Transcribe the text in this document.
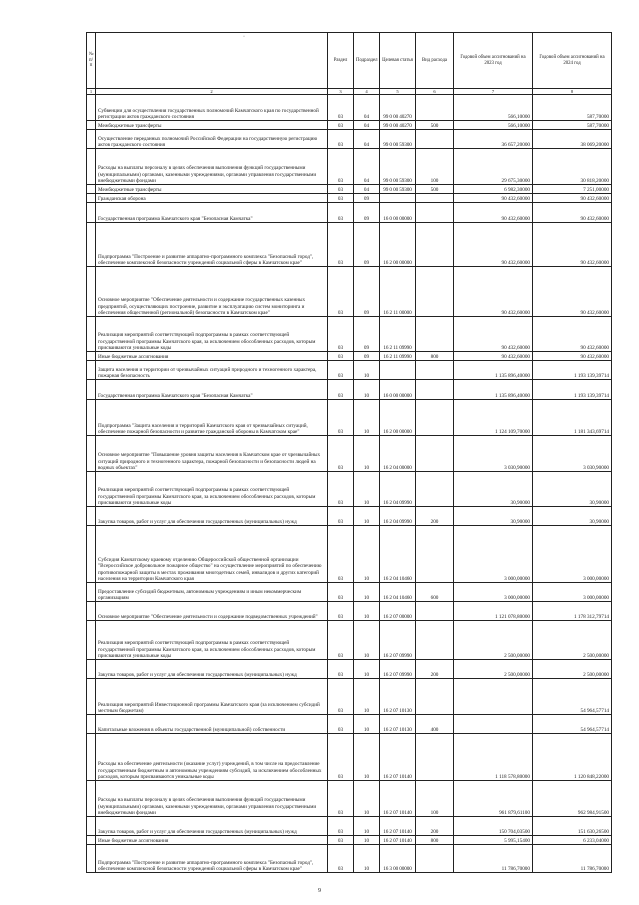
·
№ п/п		Раздел	Подраздел	Целевая статья	Вид расхода	Годовой объем ассигнований на 2023 год	Годовой объем ассигнований на 2024 год
1	2	3	4	5	6	7	8
	Субвенции для осуществления государственных полномочий Камчатского края по государственной регистрации актов гражданского состояния	03	04	99 0 00 40270		566,10000	587,70000
	Межбюджетные трансферты	03	04	99 0 00 40270	500	566,10000	587,70000
	Осуществление переданных полномочий Российской Федерации на государственную регистрацию актов гражданского состояния	03	04	99 0 00 59300		36 657,20000	38 069,20000
	Расходы на выплаты персоналу в целях обеспечения выполнения функций государственными (муниципальными) органами, казенными учреждениями, органами управления государственными внебюджетными фондами	03	04	99 0 00 59300	100	29 675,30000	30 818,20000
	Межбюджетные трансферты	03	04	99 0 00 59300	500	6 982,30000	7 251,00000
	Гражданская оборона	03	09			90 432,60000	90 432,60000
	Государственная программа Камчатского края "Безопасная Камчатка"	03	09	16 0 00 00000		90 432,60000	90 432,60000
	Подпрограмма "Построение и развитие аппаратно-программного комплекса "Безопасный город", обеспечение комплексной безопасности учреждений социальной сферы в Камчатском крае"	03	09	16 2 00 00000		90 432,60000	90 432,60000
	Основное мероприятие "Обеспечение деятельности и содержание государственных казенных предприятий, осуществляющих построение, развитие и эксплуатацию систем мониторинга и обеспечения общественной (региональной) безопасности в Камчатском крае"	03	09	16 2 11 00000		90 432,60000	90 432,60000
	Реализация мероприятий соответствующей подпрограммы в рамках соответствующей государственной программы Камчатского края, за исключением обособленных расходов, которым присваиваются уникальные коды	03	09	16 2 11 09990		90 432,60000	90 432,60000
	Иные бюджетные ассигнования	03	09	16 2 11 09990	800	90 432,60000	90 432,60000
	Защита населения и территории от чрезвычайных ситуаций природного и техногенного характера, пожарная безопасность	03	10			1 135 896,40000	1 193 139,39714
	Государственная программа Камчатского края "Безопасная Камчатка"	03	10	16 0 00 00000		1 135 896,40000	1 193 139,39714
	Подпрограмма "Защита населения и территорий Камчатского края от чрезвычайных ситуаций, обеспечение пожарной безопасности и развитие гражданской обороны в Камчатском крае"	03	10	16 2 00 00000		1 124 109,70000	1 181 343,69714
	Основное мероприятие "Повышение уровня защиты населения в Камчатском крае от чрезвычайных ситуаций природного и техногенного характера, пожарной безопасности и безопасности людей на водных объектах"	03	10	16 2 04 00000		3 030,90000	3 030,90000
	Реализация мероприятий соответствующей подпрограммы в рамках соответствующей государственной программы Камчатского края, за исключением обособленных расходов, которым присваиваются уникальные коды	03	10	16 2 04 09990		30,90000	30,90000
	Закупка товаров, работ и услуг для обеспечения государственных (муниципальных) нужд	03	10	16 2 04 09990	200	30,90000	30,90000
	Субсидия Камчатскому краевому отделению Общероссийской общественной организации "Всероссийское добровольное пожарное общество" на осуществление мероприятий по обеспечению противопожарной защиты в местах проживания многодетных семей, инвалидов и других категорий населения на территории Камчатского края	03	10	16 2 04 10460		3 000,00000	3 000,00000
	Предоставление субсидий бюджетным, автономным учреждениям и иным некоммерческим организациям	03	10	16 2 04 10460	600	3 000,00000	3 000,00000
	Основное мероприятие "Обеспечение деятельности и содержание подведомственных учреждений"	03	10	16 2 07 00000		1 121 078,80000	1 178 312,79714
	Реализация мероприятий соответствующей подпрограммы в рамках соответствующей государственной программы Камчатского края, за исключением обособленных расходов, которым присваиваются уникальные коды	03	10	16 2 07 09990		2 500,00000	2 500,00000
	Закупка товаров, работ и услуг для обеспечения государственных (муниципальных) нужд	03	10	16 2 07 09990	200	2 500,00000	2 500,00000
	Реализация мероприятий Инвестиционной программы Камчатского края (за исключением субсидий местным бюджетам)	03	10	16 2 07 10130			54 964,57714
	Капитальные вложения в объекты государственной (муниципальной) собственности	03	10	16 2 07 10130	400		54 964,57714
	Расходы на обеспечение деятельности (оказание услуг) учреждений, в том числе на предоставление государственным бюджетным и автономным учреждениям субсидий, за исключением обособленных расходов, которым присваиваются уникальные коды	03	10	16 2 07 10140		1 118 578,80000	1 120 848,22000
	Расходы на выплаты персоналу в целях обеспечения выполнения функций государственными (муниципальными) органами, казенными учреждениями, органами управления государственными внебюджетными фондами	03	10	16 2 07 10140	100	961 879,61100	962 984,91500
	Закупка товаров, работ и услуг для обеспечения государственных (муниципальных) нужд	03	10	16 2 07 10140	200	150 704,03500	151 630,26500
	Иные бюджетные ассигнования	03	10	16 2 07 10140	800	5 995,15400	6 233,04000
	Подпрограмма "Построение и развитие аппаратно-программного комплекса "Безопасный город", обеспечение комплексной безопасности учреждений социальной сферы в Камчатском крае"	03	10	16 3 00 00000		11 786,70000	11 786,70000
9
